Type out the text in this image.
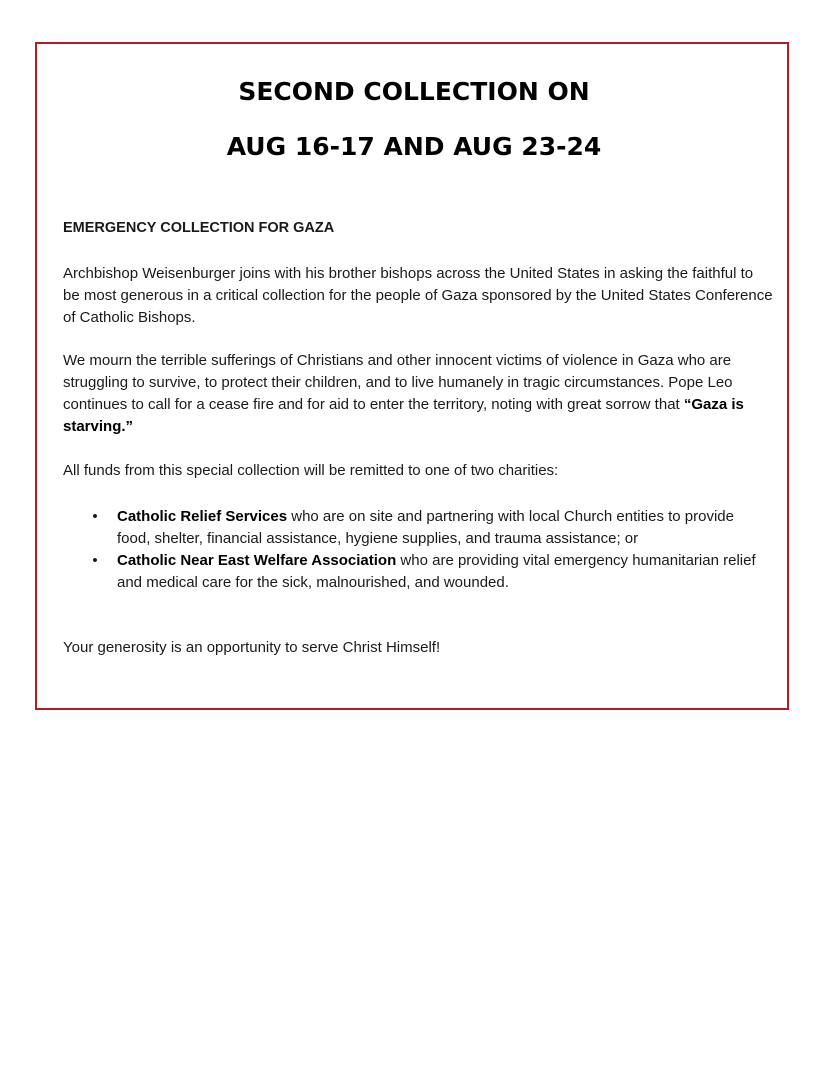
SECOND COLLECTION ON
AUG 16-17 AND AUG 23-24
EMERGENCY COLLECTION FOR GAZA
Archbishop Weisenburger joins with his brother bishops across the United States in asking the faithful to be most generous in a critical collection for the people of Gaza sponsored by the United States Conference of Catholic Bishops.
We mourn the terrible sufferings of Christians and other innocent victims of violence in Gaza who are struggling to survive, to protect their children, and to live humanely in tragic circumstances. Pope Leo continues to call for a cease fire and for aid to enter the territory, noting with great sorrow that “Gaza is starving.”
All funds from this special collection will be remitted to one of two charities:
• Catholic Relief Services who are on site and partnering with local Church entities to provide food, shelter, financial assistance, hygiene supplies, and trauma assistance; or
• Catholic Near East Welfare Association who are providing vital emergency humanitarian relief and medical care for the sick, malnourished, and wounded.
Your generosity is an opportunity to serve Christ Himself!
